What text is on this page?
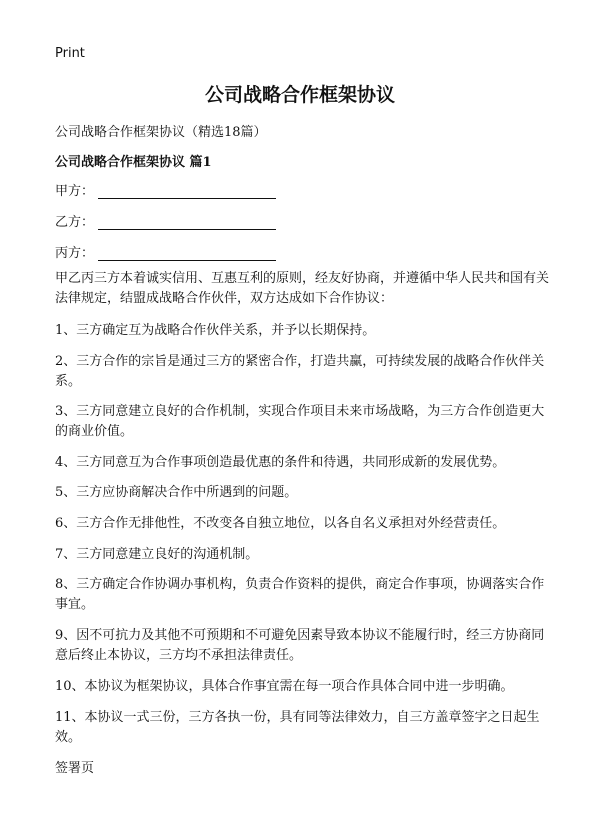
Print
公司战略合作框架协议
公司战略合作框架协议（精选18篇）
公司战略合作框架协议 篇1
甲方：
乙方：
丙方：

甲乙丙三方本着诚实信用、互惠互利的原则，经友好协商，并遵循中华人民共和国有关法律规定，结盟成战略合作伙伴，双方达成如下合作协议：

1、三方确定互为战略合作伙伴关系，并予以长期保持。

2、三方合作的宗旨是通过三方的紧密合作，打造共赢，可持续发展的战略合作伙伴关系。

3、三方同意建立良好的合作机制，实现合作项目未来市场战略，为三方合作创造更大的商业价值。

4、三方同意互为合作事项创造最优惠的条件和待遇，共同形成新的发展优势。

5、三方应协商解决合作中所遇到的问题。

6、三方合作无排他性，不改变各自独立地位，以各自名义承担对外经营责任。

7、三方同意建立良好的沟通机制。

8、三方确定合作协调办事机构，负责合作资料的提供，商定合作事项，协调落实合作事宜。

9、因不可抗力及其他不可预期和不可避免因素导致本协议不能履行时，经三方协商同意后终止本协议，三方均不承担法律责任。

10、本协议为框架协议，具体合作事宜需在每一项合作具体合同中进一步明确。

11、本协议一式三份，三方各执一份，具有同等法律效力，自三方盖章签字之日起生效。

签署页
